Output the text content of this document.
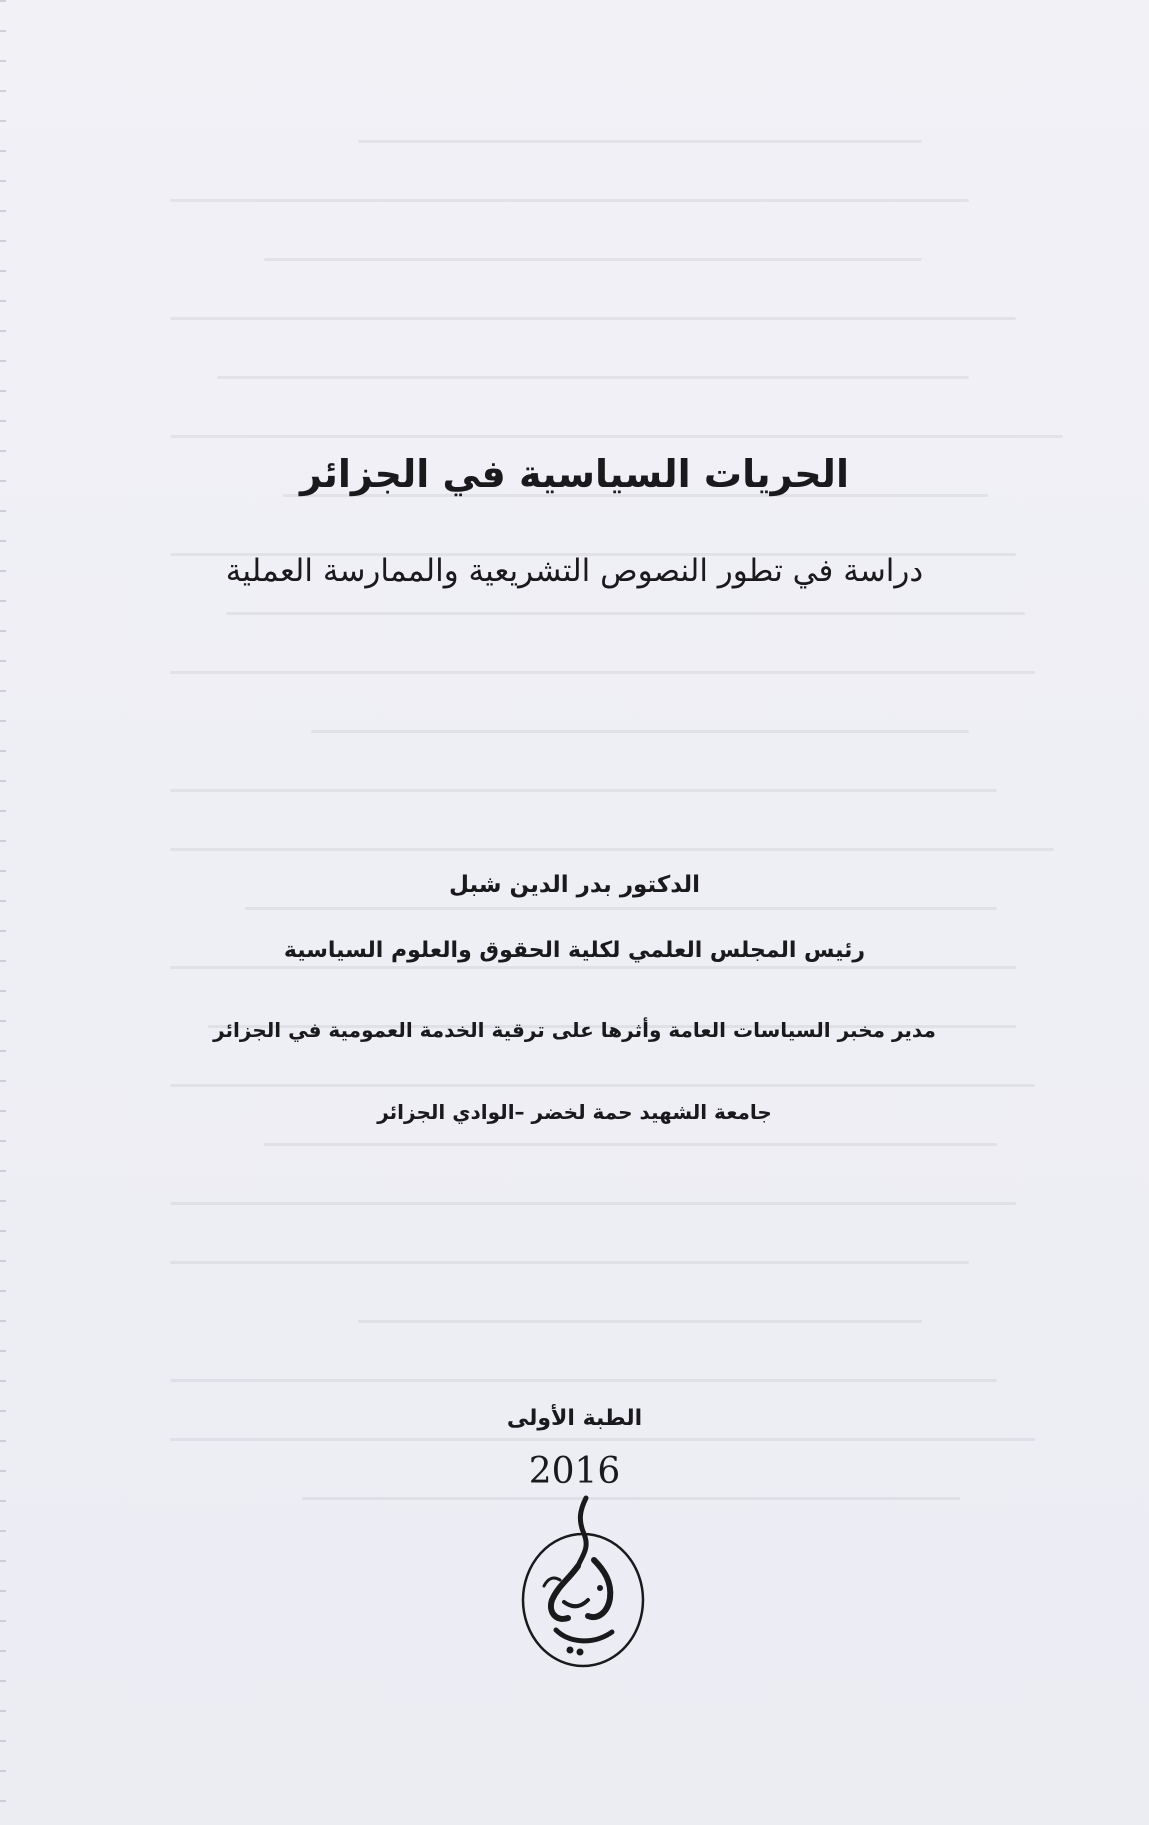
الحريات السياسية في الجزائر
دراسة في تطور النصوص التشريعية والممارسة العملية
الدكتور بدر الدين شبل
رئيس المجلس العلمي لكلية الحقوق والعلوم السياسية
مدير مخبر السياسات العامة وأثرها على ترقية الخدمة العمومية في الجزائر
جامعة الشهيد حمة لخضر –الوادي الجزائر
الطبة الأولى
2016
